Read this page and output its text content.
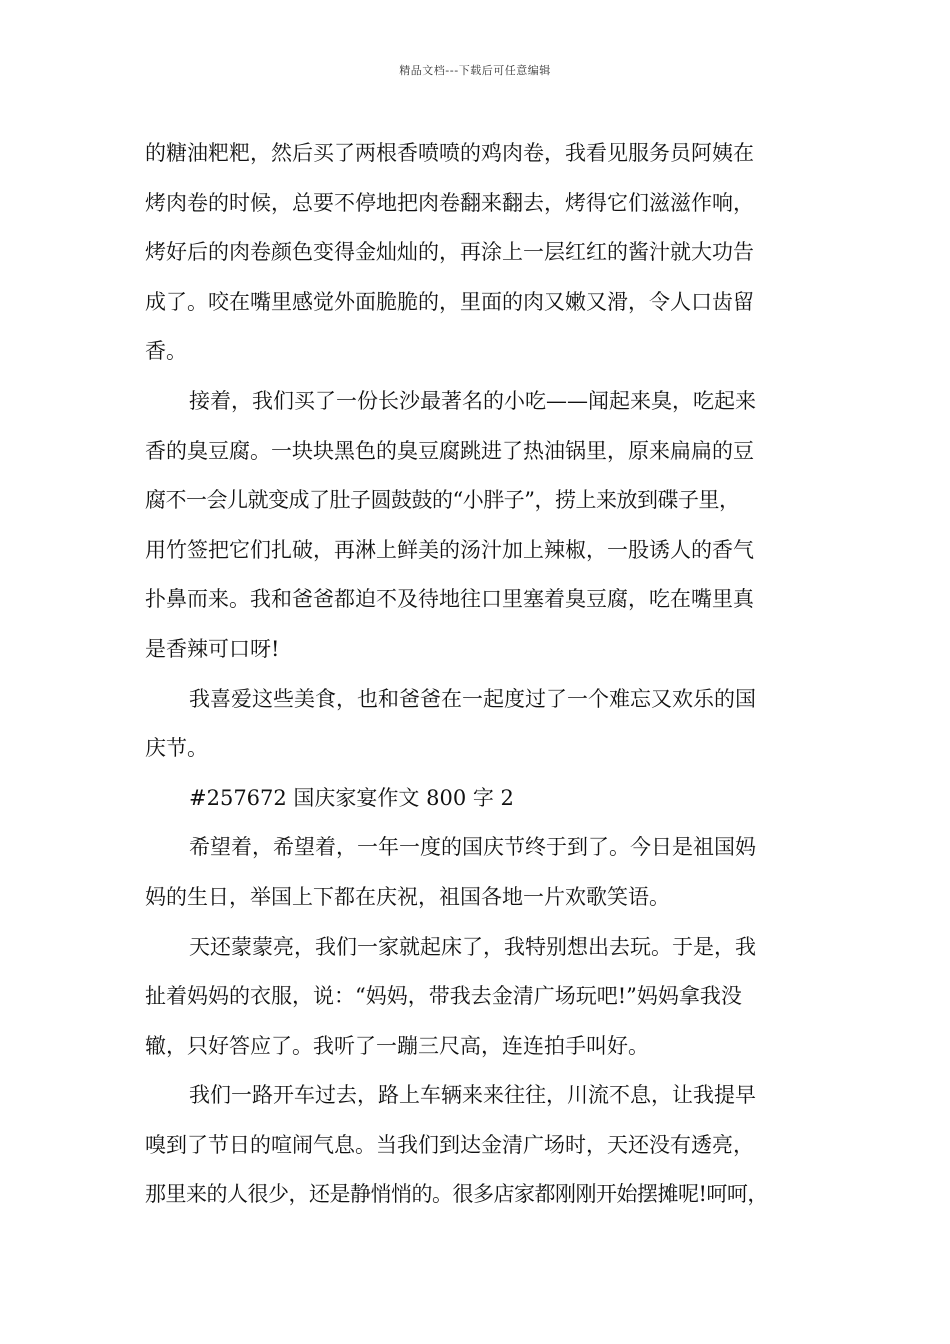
精品文档---下载后可任意编辑
的糖油粑粑，然后买了两根香喷喷的鸡肉卷，我看见服务员阿姨在
烤肉卷的时候，总要不停地把肉卷翻来翻去，烤得它们滋滋作响，
烤好后的肉卷颜色变得金灿灿的，再涂上一层红红的酱汁就大功告
成了。咬在嘴里感觉外面脆脆的，里面的肉又嫩又滑，令人口齿留
香。
接着，我们买了一份长沙最著名的小吃——闻起来臭，吃起来
香的臭豆腐。一块块黑色的臭豆腐跳进了热油锅里，原来扁扁的豆
腐不一会儿就变成了肚子圆鼓鼓的“小胖子”，捞上来放到碟子里，
用竹签把它们扎破，再淋上鲜美的汤汁加上辣椒，一股诱人的香气
扑鼻而来。我和爸爸都迫不及待地往口里塞着臭豆腐，吃在嘴里真
是香辣可口呀!
我喜爱这些美食，也和爸爸在一起度过了一个难忘又欢乐的国
庆节。
#257672 国庆家宴作文 800 字 2
希望着，希望着，一年一度的国庆节终于到了。今日是祖国妈
妈的生日，举国上下都在庆祝，祖国各地一片欢歌笑语。
天还蒙蒙亮，我们一家就起床了，我特别想出去玩。于是，我
扯着妈妈的衣服，说：“妈妈，带我去金清广场玩吧!”妈妈拿我没
辙，只好答应了。我听了一蹦三尺高，连连拍手叫好。
我们一路开车过去，路上车辆来来往往，川流不息，让我提早
嗅到了节日的喧闹气息。当我们到达金清广场时，天还没有透亮，
那里来的人很少，还是静悄悄的。很多店家都刚刚开始摆摊呢!呵呵，
